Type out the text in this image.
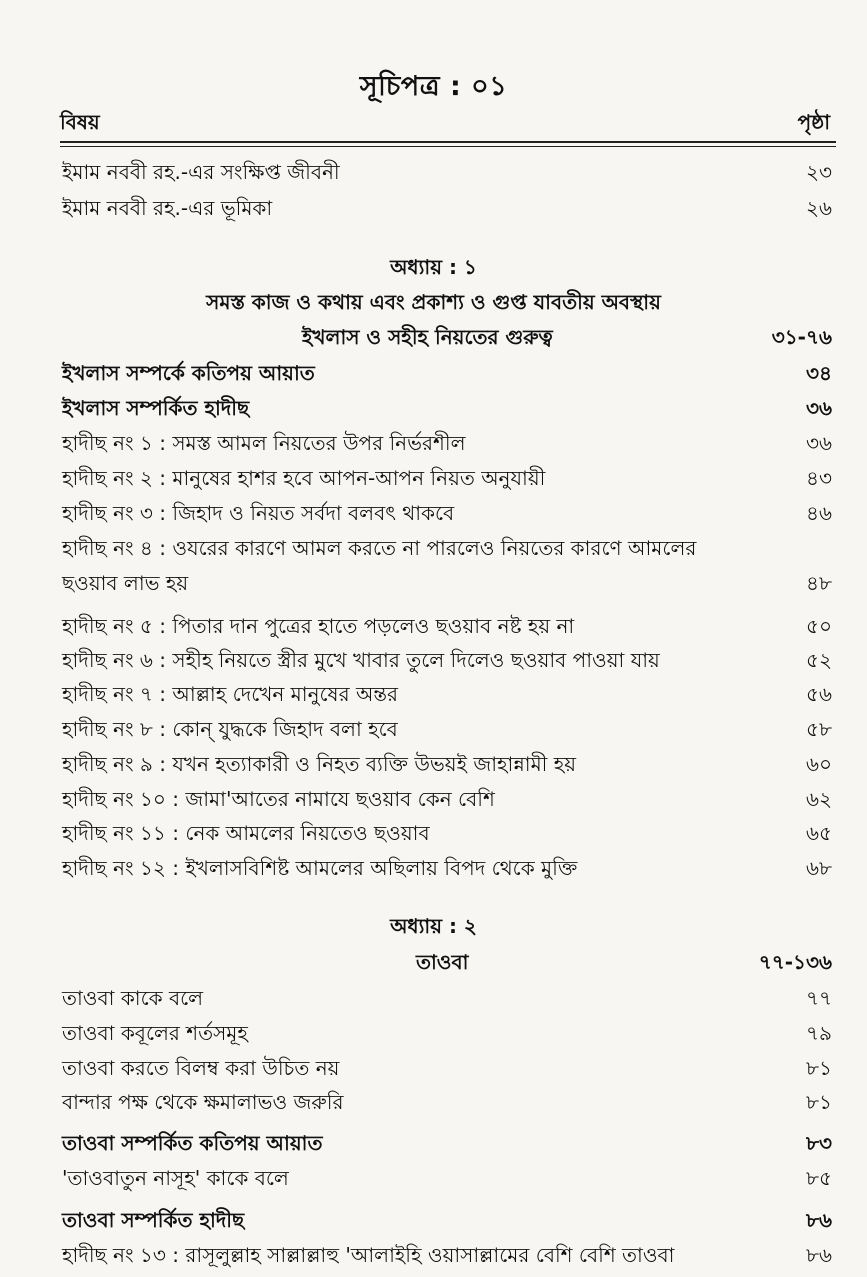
সূচিপত্র : ০১
বিষয়	পৃষ্ঠা
ইমাম নববী রহ.-এর সংক্ষিপ্ত জীবনী	২৩
ইমাম নববী রহ.-এর ভূমিকা	২৬
অধ্যায় : ১
সমস্ত কাজ ও কথায় এবং প্রকাশ্য ও গুপ্ত যাবতীয় অবস্থায়
ইখলাস ও সহীহ নিয়তের গুরুত্ব	৩১-৭৬
ইখলাস সম্পর্কে কতিপয় আয়াত	৩৪
ইখলাস সম্পর্কিত হাদীছ	৩৬
হাদীছ নং ১ : সমস্ত আমল নিয়তের উপর নির্ভরশীল	৩৬
হাদীছ নং ২ : মানুষের হাশর হবে আপন-আপন নিয়ত অনুযায়ী	৪৩
হাদীছ নং ৩ : জিহাদ ও নিয়ত সর্বদা বলবৎ থাকবে	৪৬
হাদীছ নং ৪ : ওযরের কারণে আমল করতে না পারলেও নিয়তের কারণে আমলের
ছওয়াব লাভ হয়	৪৮
হাদীছ নং ৫ : পিতার দান পুত্রের হাতে পড়লেও ছওয়াব নষ্ট হয় না	৫০
হাদীছ নং ৬ : সহীহ নিয়তে স্ত্রীর মুখে খাবার তুলে দিলেও ছওয়াব পাওয়া যায়	৫২
হাদীছ নং ৭ : আল্লাহ দেখেন মানুষের অন্তর	৫৬
হাদীছ নং ৮ : কোন্ যুদ্ধকে জিহাদ বলা হবে	৫৮
হাদীছ নং ৯ : যখন হত্যাকারী ও নিহত ব্যক্তি উভয়ই জাহান্নামী হয়	৬০
হাদীছ নং ১০ : জামা'আতের নামাযে ছওয়াব কেন বেশি	৬২
হাদীছ নং ১১ : নেক আমলের নিয়তেও ছওয়াব	৬৫
হাদীছ নং ১২ : ইখলাসবিশিষ্ট আমলের অছিলায় বিপদ থেকে মুক্তি	৬৮
অধ্যায় : ২
তাওবা	৭৭-১৩৬
তাওবা কাকে বলে	৭৭
তাওবা কবূলের শর্তসমূহ	৭৯
তাওবা করতে বিলম্ব করা উচিত নয়	৮১
বান্দার পক্ষ থেকে ক্ষমালাভও জরুরি	৮১
তাওবা সম্পর্কিত কতিপয় আয়াত	৮৩
'তাওবাতুন নাসূহ' কাকে বলে	৮৫
তাওবা সম্পর্কিত হাদীছ	৮৬
হাদীছ নং ১৩ : রাসূলুল্লাহ সাল্লাল্লাহু 'আলাইহি ওয়াসাল্লামের বেশি বেশি তাওবা	৮৬
